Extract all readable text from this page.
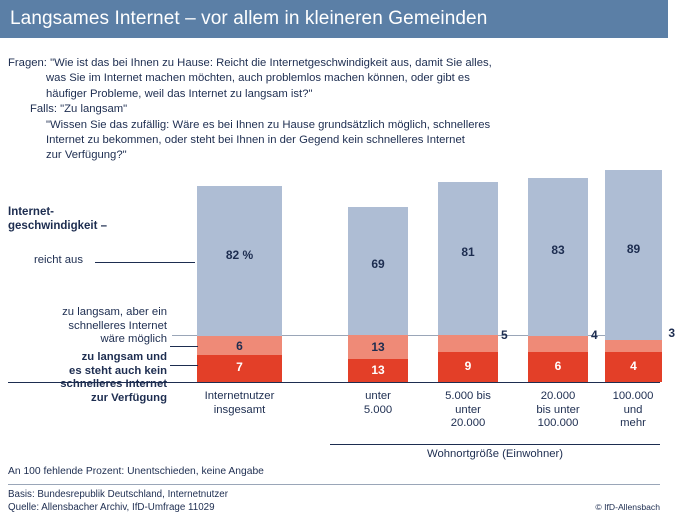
Langsames Internet – vor allem in kleineren Gemeinden
Fragen: "Wie ist das bei Ihnen zu Hause: Reicht die Internetgeschwindigkeit aus, damit Sie alles,
was Sie im Internet machen möchten, auch problemlos machen können, oder gibt es
häufiger Probleme, weil das Internet zu langsam ist?"
Falls: "Zu langsam"
"Wissen Sie das zufällig: Wäre es bei Ihnen zu Hause grundsätzlich möglich, schnelleres
Internet zu bekommen, oder steht bei Ihnen in der Gegend kein schnelleres Internet
zur Verfügung?"
82 %
6
7
69
13
13
81
9
5
83
6
4
89
4
3
Internet-
geschwindigkeit –
reicht aus
zu langsam, aber ein
schnelleres Internet
wäre möglich
zu langsam und
es steht auch kein
schnelleres Internet
zur Verfügung	Internetnutzer
insgesamt
unter
5.000
5.000 bis
unter
20.000
20.000
bis unter
100.000
100.000
und
mehr
Wohnortgröße (Einwohner)
An 100 fehlende Prozent: Unentschieden, keine Angabe
Basis: Bundesrepublik Deutschland, Internetnutzer
Quelle: Allensbacher Archiv, IfD-Umfrage 11029	© IfD-Allensbach
